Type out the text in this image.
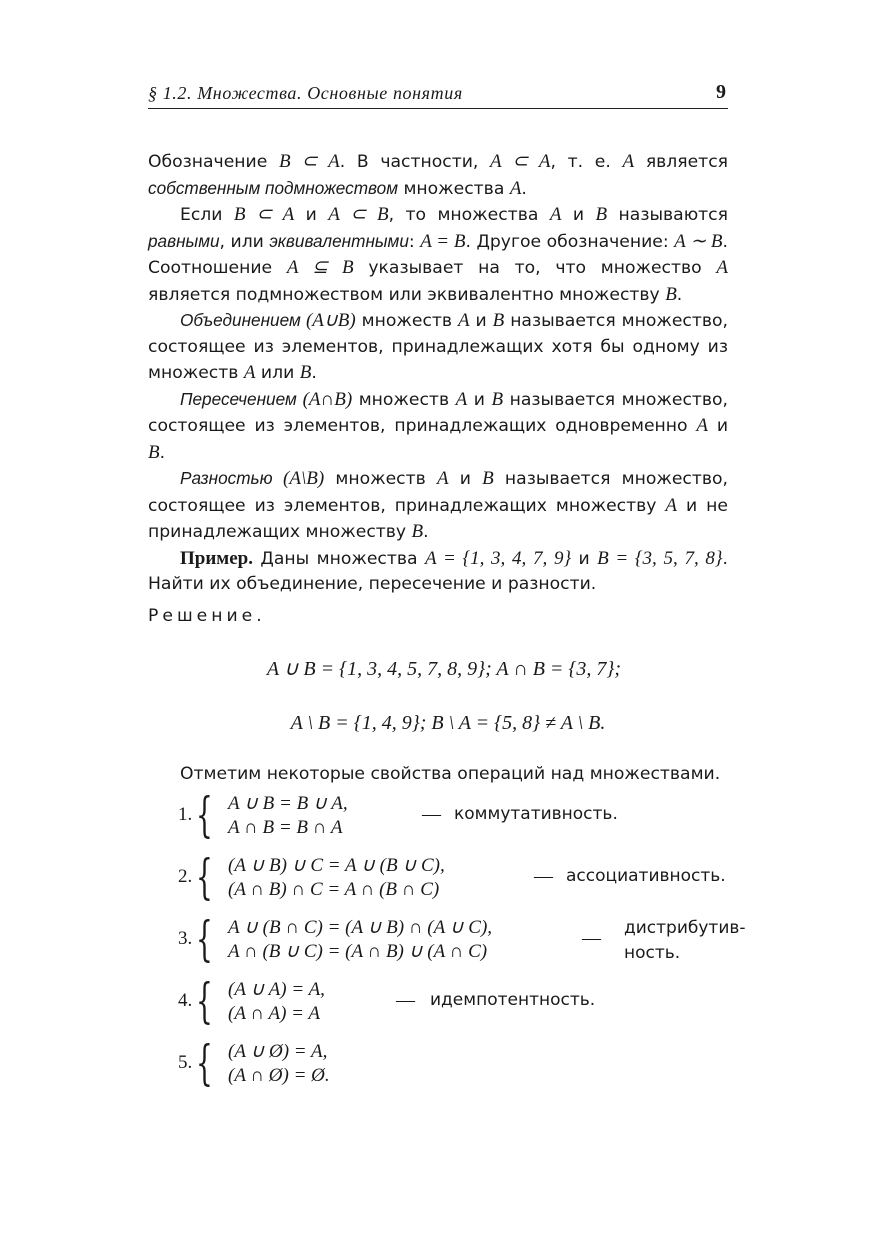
§ 1.2. Множества. Основные понятия	9

Обозначение B ⊂ A. В частности, A ⊂ A, т. е. A является собственным подмножеством множества A.

Если B ⊂ A и A ⊂ B, то множества A и B называются равными, или эквивалентными: A = B. Другое обозначение: A ∼ B. Соотношение A ⊆ B указывает на то, что множество A является подмножеством или эквивалентно множеству B.

Объединением (A∪B) множеств A и B называется множество, состоящее из элементов, принадлежащих хотя бы одному из множеств A или B.

Пересечением (A∩B) множеств A и B называется множество, состоящее из элементов, принадлежащих одновременно A и B.

Разностью (A\B) множеств A и B называется множество, состоящее из элементов, принадлежащих множеству A и не принадлежащих множеству B.

Пример. Даны множества A = {1, 3, 4, 7, 9} и B = {3, 5, 7, 8}. Найти их объединение, пересечение и разности.

Решение.

A ∪ B = {1, 3, 4, 5, 7, 8, 9}; A ∩ B = {3, 7};

A \ B = {1, 4, 9}; B \ A = {5, 8} ≠ A \ B.

Отметим некоторые свойства операций над множествами.

1. { A ∪ B = B ∪ A,
A ∩ B = B ∩ A
— коммутативность.
2. { (A ∪ B) ∪ C = A ∪ (B ∪ C),
(A ∩ B) ∩ C = A ∩ (B ∩ C)
— ассоциативность.
3. { A ∪ (B ∩ C) = (A ∪ B) ∩ (A ∪ C),
A ∩ (B ∪ C) = (A ∩ B) ∪ (A ∩ C)
— дистрибутив-
ность.
4. { (A ∪ A) = A,
(A ∩ A) = A
— идемпотентность.
5. { (A ∪ Ø) = A,
(A ∩ Ø) = Ø.
